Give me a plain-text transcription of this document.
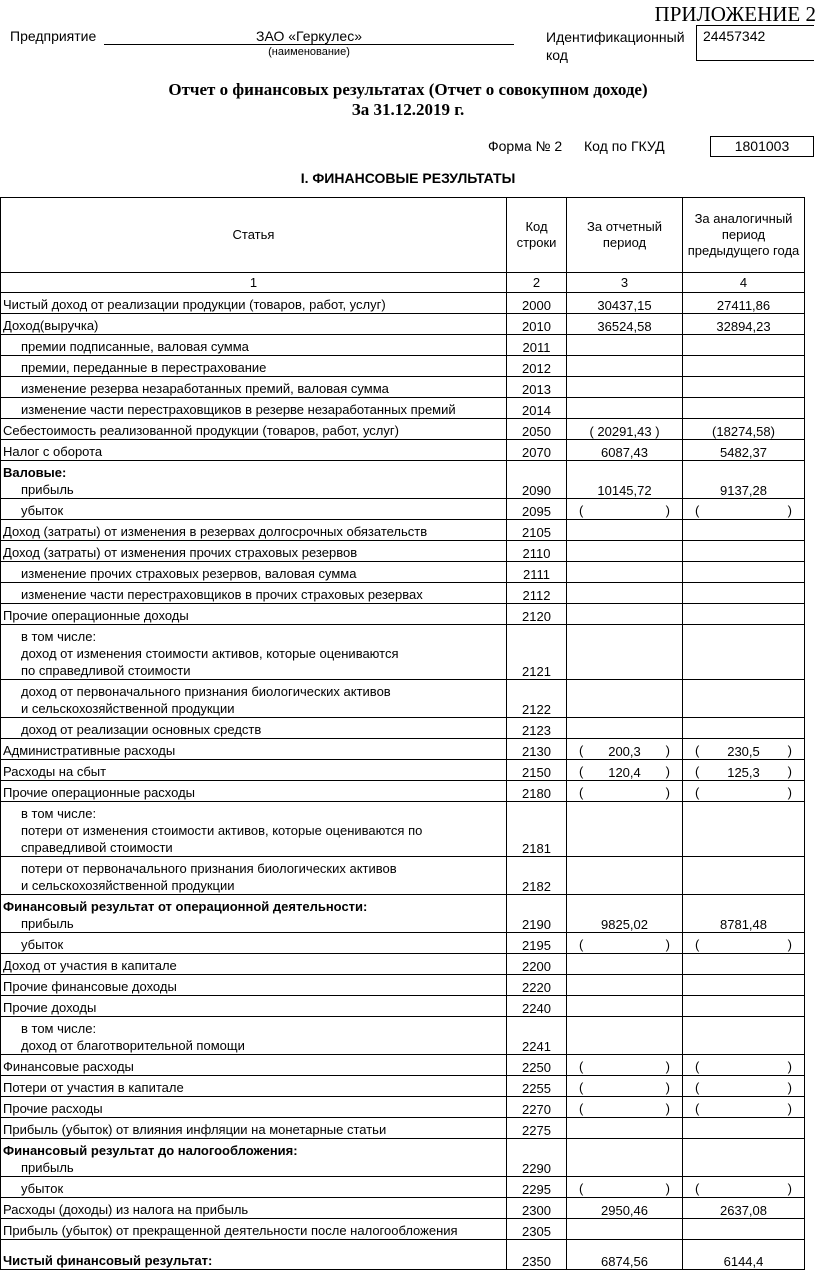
ПРИЛОЖЕНИЕ 2
Предприятие	ЗАО «Геркулес»
(наименование)
Идентификационный код
24457342
Отчет о финансовых результатах (Отчет о совокупном доходе)
За 31.12.2019 г.
Форма № 2 Код по ГКУД	1801003
I. ФИНАНСОВЫЕ РЕЗУЛЬТАТЫ
Статья	Код строки	За отчетный период	За аналогичный период предыдущего года
1	2	3	4

Чистый доход от реализации продукции (товаров, работ, услуг)	2000	30437,15	27411,86

Доход(выручка)	2010	36524,58	32894,23

премии подписанные, валовая сумма	2011		

премии, переданные в перестрахование	2012		

изменение резерва незаработанных премий, валовая сумма	2013		

изменение части перестраховщиков в резерве незаработанных премий	2014		

Себестоимость реализованной продукции (товаров, работ, услуг)	2050	( 20291,43 )	(18274,58)

Налог с оборота	2070	6087,43	5482,37

Валовые:
прибыль	2090	10145,72	9137,28

убыток	2095	( )	( )

Доход (затраты) от изменения в резервах долгосрочных обязательств	2105		

Доход (затраты) от изменения прочих страховых резервов	2110		

изменение прочих страховых резервов, валовая сумма	2111		

изменение части перестраховщиков в прочих страховых резервах	2112		

Прочие операционные доходы	2120		

в том числе:
доход от изменения стоимости активов, которые оцениваются
по справедливой стоимости	2121		

доход от первоначального признания биологических активов
и сельскохозяйственной продукции	2122		

доход от реализации основных средств	2123		

Административные расходы	2130	( 200,3 )	( 230,5 )

Расходы на сбыт	2150	( 120,4 )	( 125,3 )

Прочие операционные расходы	2180	( )	( )

в том числе:
потери от изменения стоимости активов, которые оцениваются по
справедливой стоимости	2181		

потери от первоначального признания биологических активов
и сельскохозяйственной продукции	2182		

Финансовый результат от операционной деятельности:
прибыль	2190	9825,02	8781,48

убыток	2195	( )	( )

Доход от участия в капитале	2200		

Прочие финансовые доходы	2220		

Прочие доходы	2240		

в том числе:
доход от благотворительной помощи	2241		

Финансовые расходы	2250	( )	( )

Потери от участия в капитале	2255	( )	( )

Прочие расходы	2270	( )	( )

Прибыль (убыток) от влияния инфляции на монетарные статьи	2275		

Финансовый результат до налогообложения:
прибыль	2290		

убыток	2295	( )	( )

Расходы (доходы) из налога на прибыль	2300	2950,46	2637,08

Прибыль (убыток) от прекращенной деятельности после налогообложения	2305		

Чистый финансовый результат:	2350	6874,56	6144,4
